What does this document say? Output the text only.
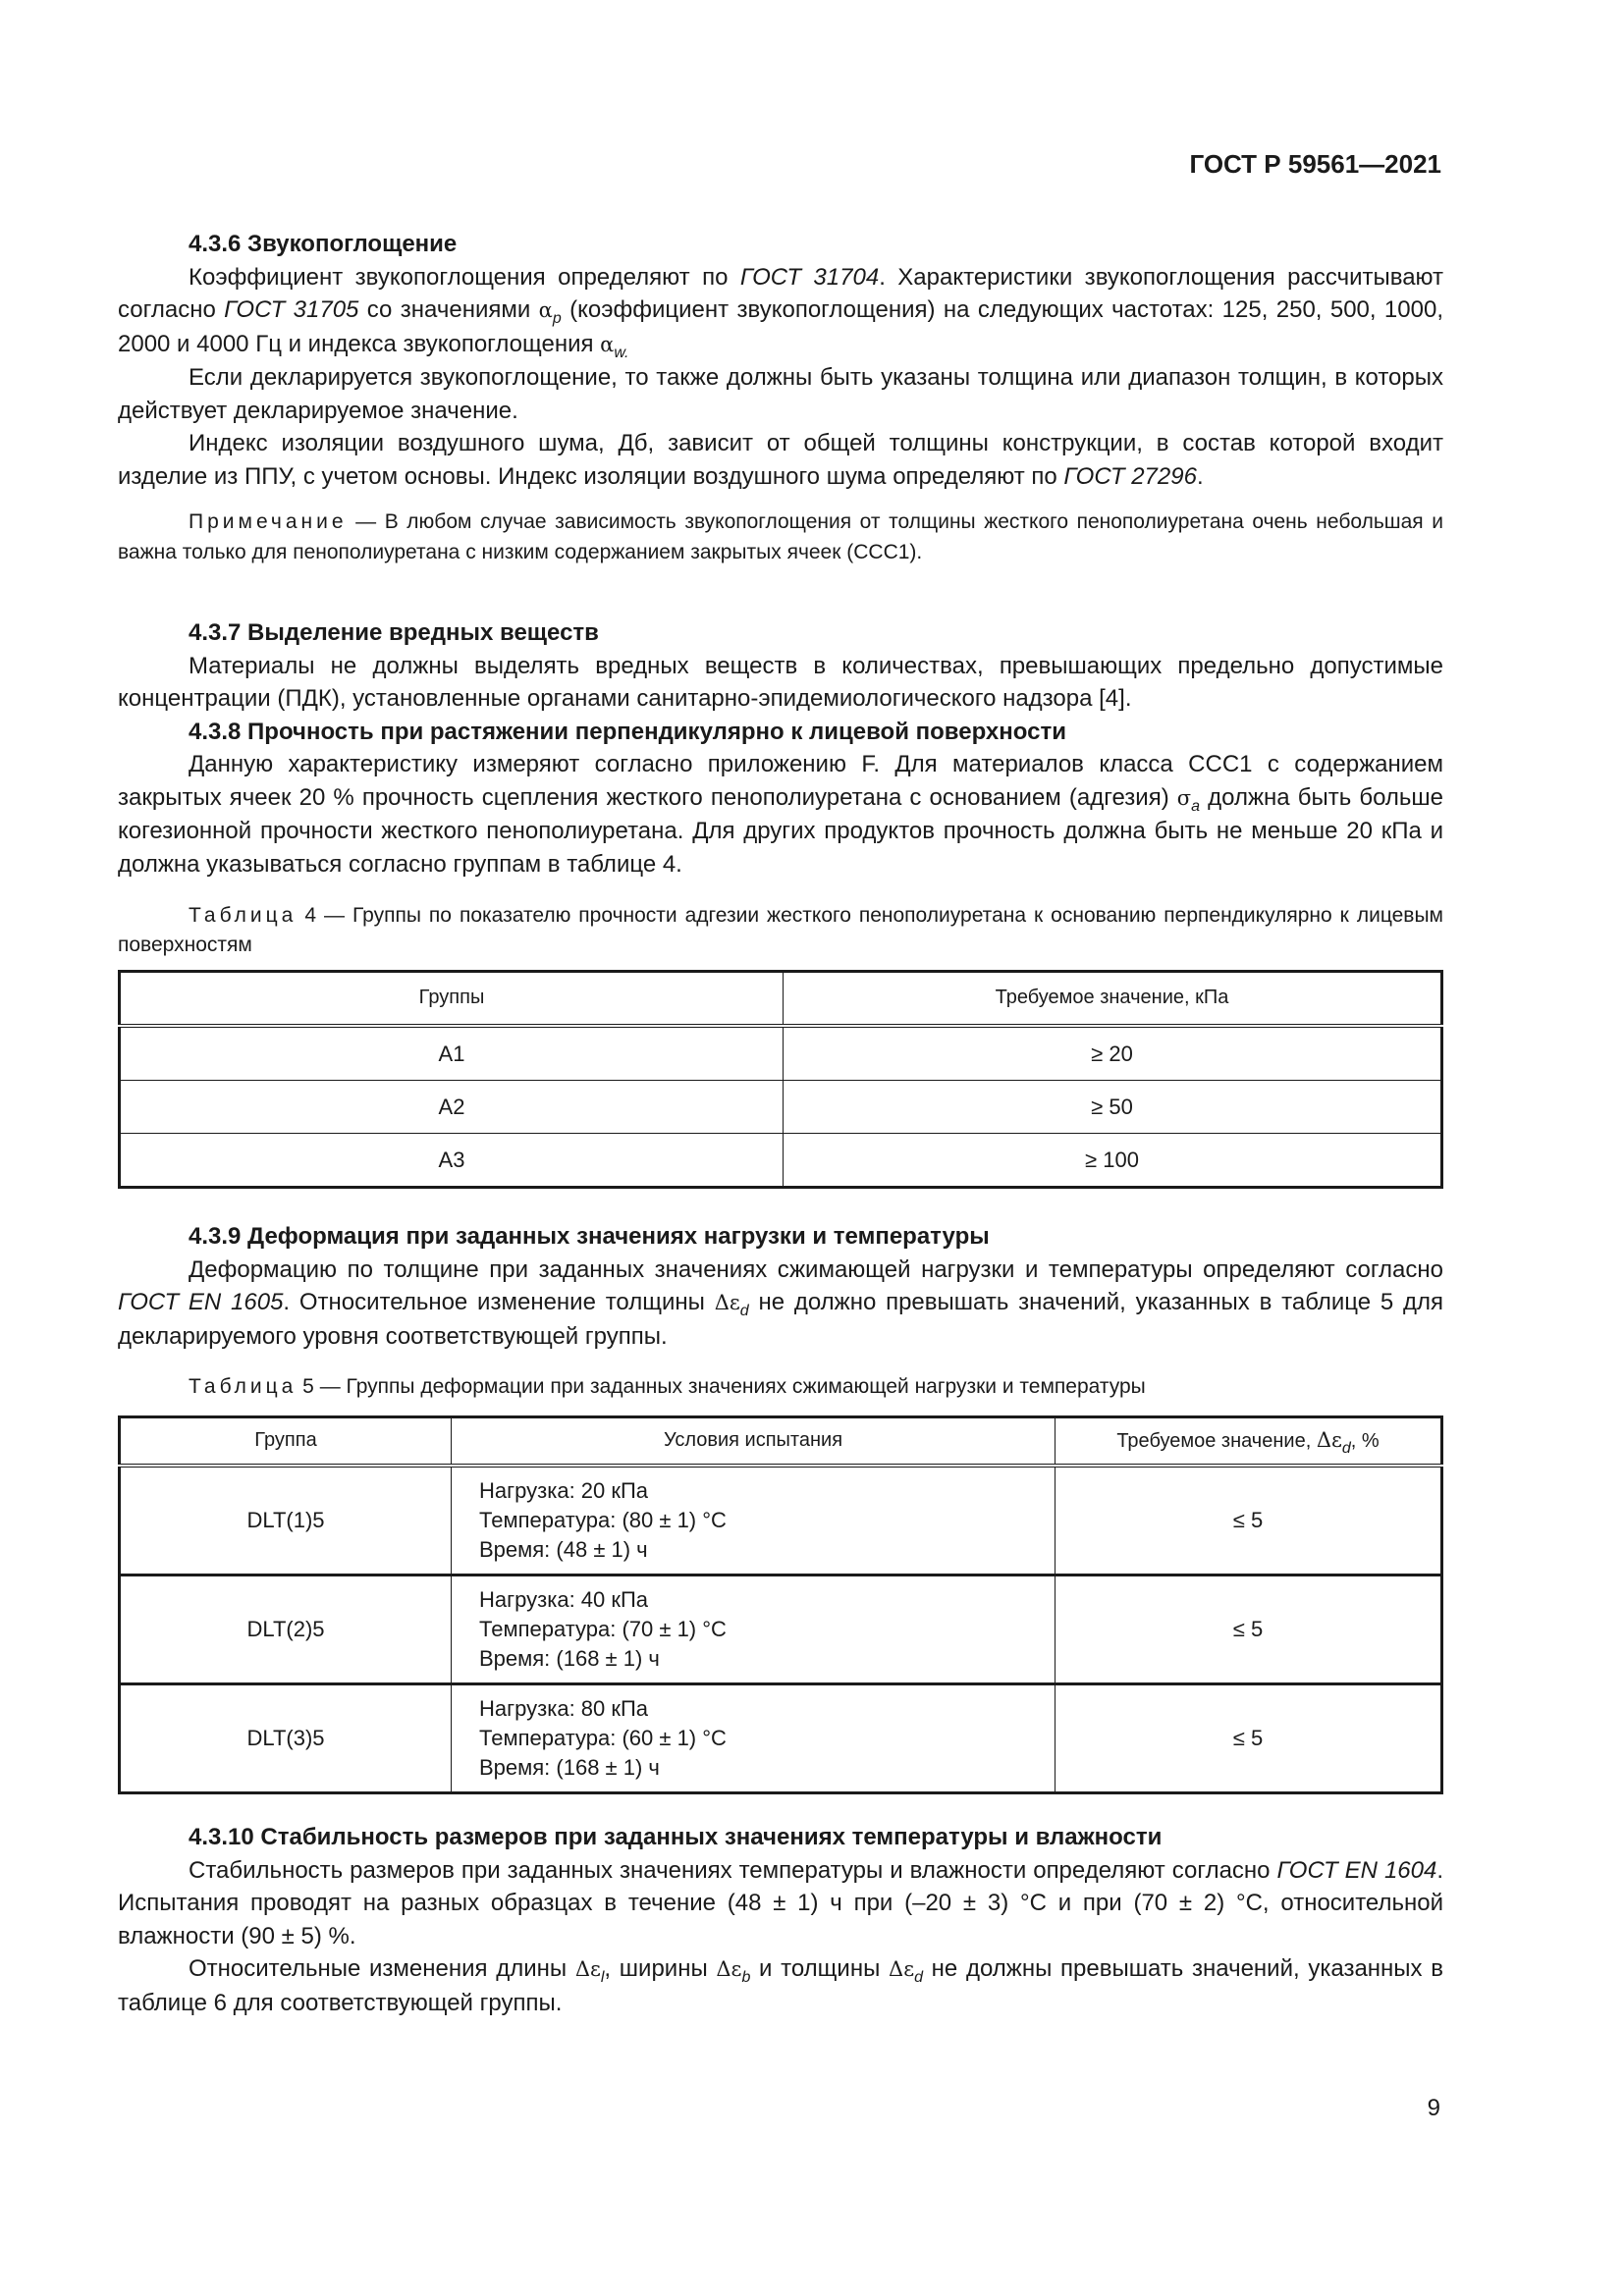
ГОСТ Р 59561—2021
4.3.6 Звукопоглощение

Коэффициент звукопоглощения определяют по ГОСТ 31704. Характеристики звукопоглощения рассчитывают согласно ГОСТ 31705 со значениями $\alpha_p$ (коэффициент звукопоглощения) на следующих частотах: 125, 250, 500, 1000, 2000 и 4000 Гц и индекса звукопоглощения $\alpha_{w.}$

Если декларируется звукопоглощение, то также должны быть указаны толщина или диапазон толщин, в которых действует декларируемое значение.

Индекс изоляции воздушного шума, Дб, зависит от общей толщины конструкции, в состав которой входит изделие из ППУ, с учетом основы. Индекс изоляции воздушного шума определяют по ГОСТ 27296.

Примечание — В любом случае зависимость звукопоглощения от толщины жесткого пенополиуретана очень небольшая и важна только для пенополиуретана с низким содержанием закрытых ячеек (ССС1).

4.3.7 Выделение вредных веществ

Материалы не должны выделять вредных веществ в количествах, превышающих предельно допустимые концентрации (ПДК), установленные органами санитарно-эпидемиологического надзора [4].

4.3.8 Прочность при растяжении перпендикулярно к лицевой поверхности

Данную характеристику измеряют согласно приложению F. Для материалов класса ССС1 с содержанием закрытых ячеек 20 % прочность сцепления жесткого пенополиуретана с основанием (адгезия) $\sigma_a$ должна быть больше когезионной прочности жесткого пенополиуретана. Для других продуктов прочность должна быть не меньше 20 кПа и должна указываться согласно группам в таблице 4.

Таблица 4 — Группы по показателю прочности адгезии жесткого пенополиуретана к основанию перпендикулярно к лицевым поверхностям

Группы	Требуемое значение, кПа
A1	≥ 20
A2	≥ 50
A3	≥ 100
4.3.9 Деформация при заданных значениях нагрузки и температуры

Деформацию по толщине при заданных значениях сжимающей нагрузки и температуры определяют согласно ГОСТ EN 1605. Относительное изменение толщины $\Delta\varepsilon_d$ не должно превышать значений, указанных в таблице 5 для декларируемого уровня соответствующей группы.

Таблица 5 — Группы деформации при заданных значениях сжимающей нагрузки и температуры

Группа	Условия испытания	Требуемое значение, $\Delta\varepsilon_d$, %
DLT(1)5	Нагрузка: 20 кПа
Температура: (80 ± 1) °С
Время: (48 ± 1) ч	≤ 5
DLT(2)5	Нагрузка: 40 кПа
Температура: (70 ± 1) °С
Время: (168 ± 1) ч	≤ 5
DLT(3)5	Нагрузка: 80 кПа
Температура: (60 ± 1) °С
Время: (168 ± 1) ч	≤ 5
4.3.10 Стабильность размеров при заданных значениях температуры и влажности

Стабильность размеров при заданных значениях температуры и влажности определяют согласно ГОСТ EN 1604. Испытания проводят на разных образцах в течение (48 ± 1) ч при (–20 ± 3) °С и при (70 ± 2) °С, относительной влажности (90 ± 5) %.

Относительные изменения длины $\Delta\varepsilon_l$, ширины $\Delta\varepsilon_b$ и толщины $\Delta\varepsilon_d$ не должны превышать значений, указанных в таблице 6 для соответствующей группы.

9
